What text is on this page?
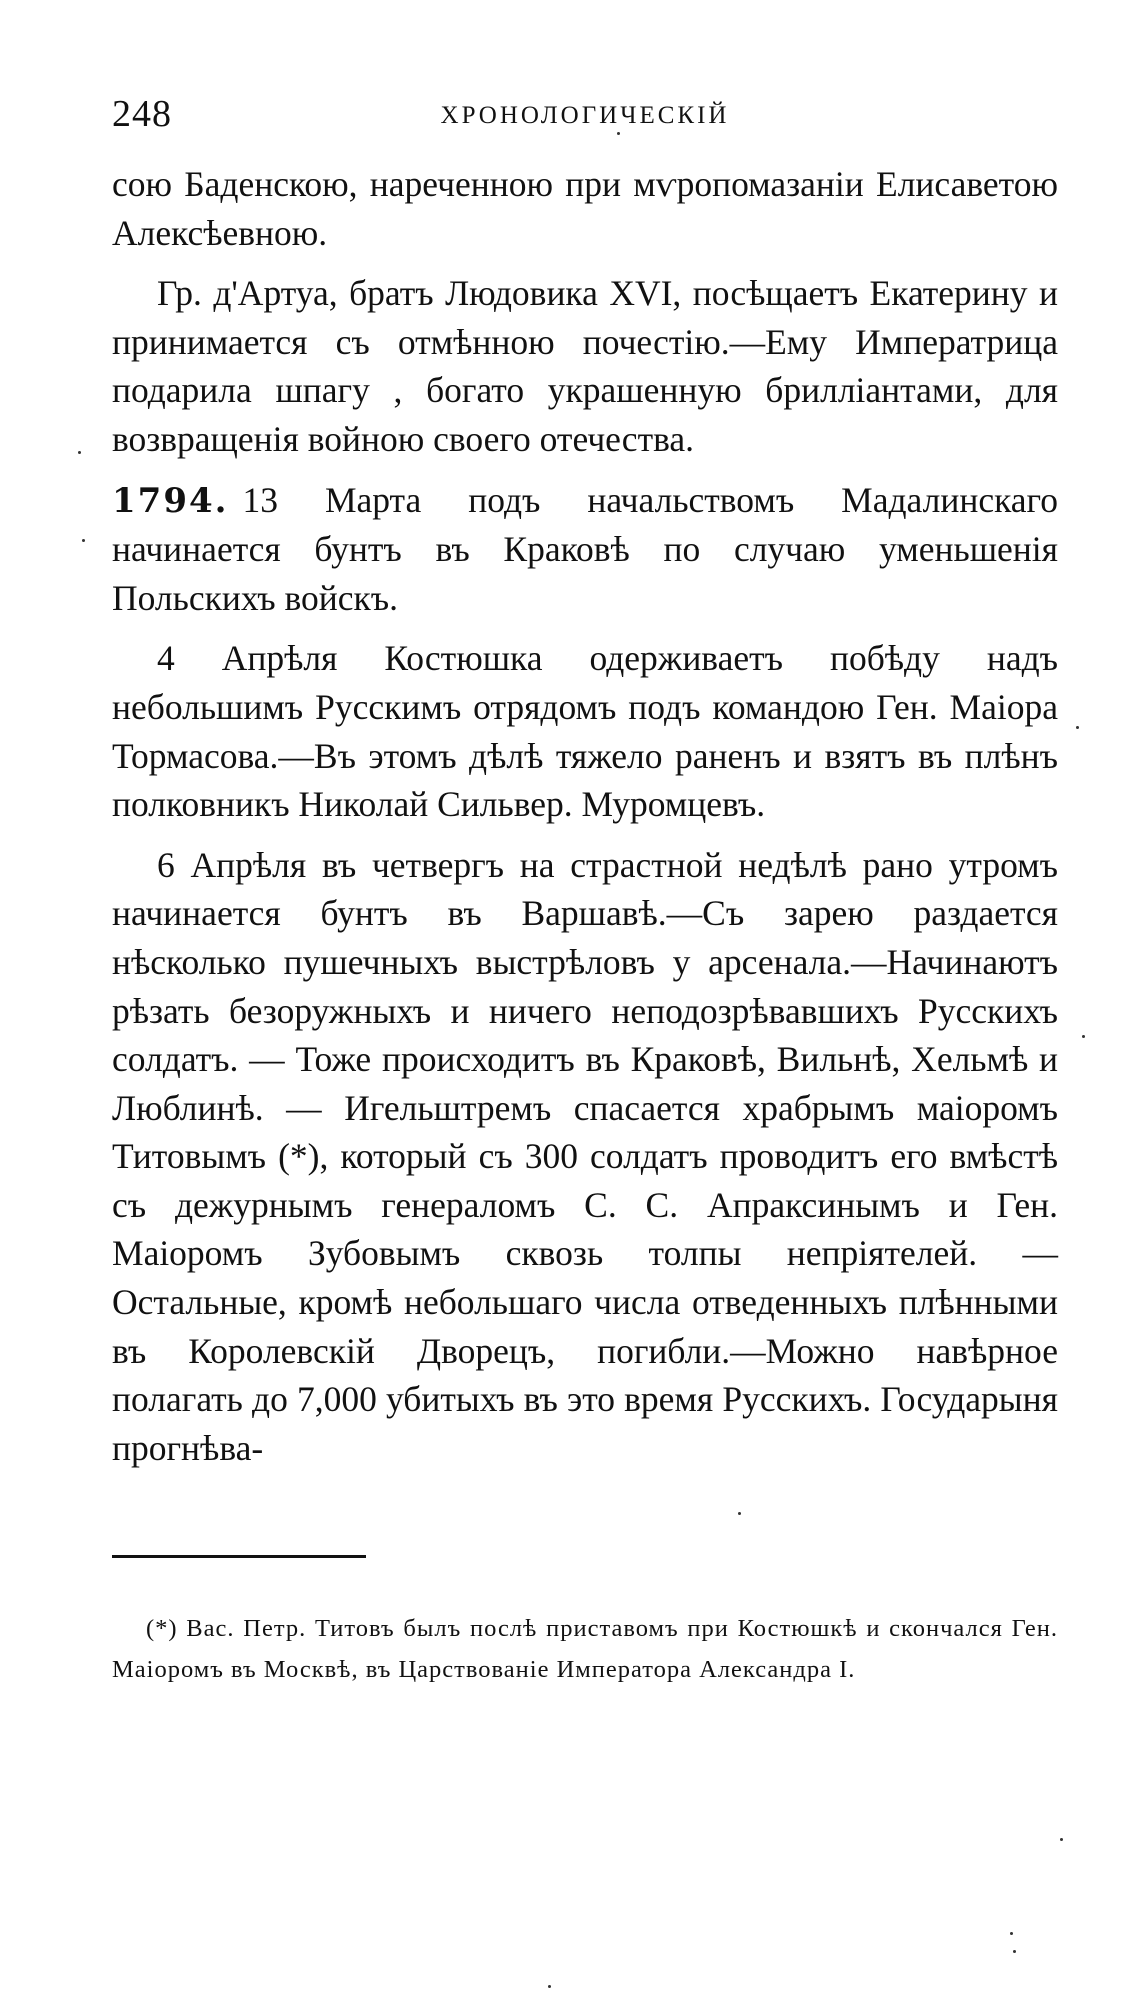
248	ХРОНОЛОГИЧЕСКІЙ

сою Баденскою, нареченною при мѵропомазаніи Елисаветою Алексѣевною.

Гр. д'Артуа, братъ Людовика XVI, посѣщаетъ Екатерину и принимается съ отмѣнною почестію.—Ему Императрица подарила шпагу , богато украшенную бриллiантами, для возвращенія войною своего отечества.

1794. 13 Марта подъ начальствомъ Мадалинскаго начинается бунтъ въ Краковѣ по случаю уменьшенія Польскихъ войскъ.

4 Апрѣля Костюшка одерживаетъ побѣду надъ небольшимъ Русскимъ отрядомъ подъ командою Ген. Маіора Тормасова.—Въ этомъ дѣлѣ тяжело раненъ и взятъ въ плѣнъ полковникъ Николай Сильвер. Муромцевъ.

6 Апрѣля въ четвергъ на страстной недѣлѣ рано утромъ начинается бунтъ въ Варшавѣ.—Съ зарею раздается нѣсколько пушечныхъ выстрѣловъ у арсенала.—Начинаютъ рѣзать безоружныхъ и ничего неподозрѣвавшихъ Русскихъ солдатъ. — Тоже происходитъ въ Краковѣ, Вильнѣ, Хельмѣ и Люблинѣ. — Игельштремъ спасается храбрымъ маіоромъ Титовымъ (*), который съ 300 солдатъ проводитъ его вмѣстѣ съ дежурнымъ генераломъ С. С. Апраксинымъ и Ген. Маіоромъ Зубовымъ сквозь толпы непріятелей. — Остальные, кромѣ небольшаго числа отведенныхъ плѣнными въ Королевскій Дворецъ, погибли.—Можно навѣрное полагать до 7,000 убитыхъ въ это время Русскихъ. Государыня прогнѣва-

(*) Вас. Петр. Титовъ былъ послѣ приставомъ при Костюшкѣ и скончался Ген. Маіоромъ въ Москвѣ, въ Царствованіе Императора Александра I.
